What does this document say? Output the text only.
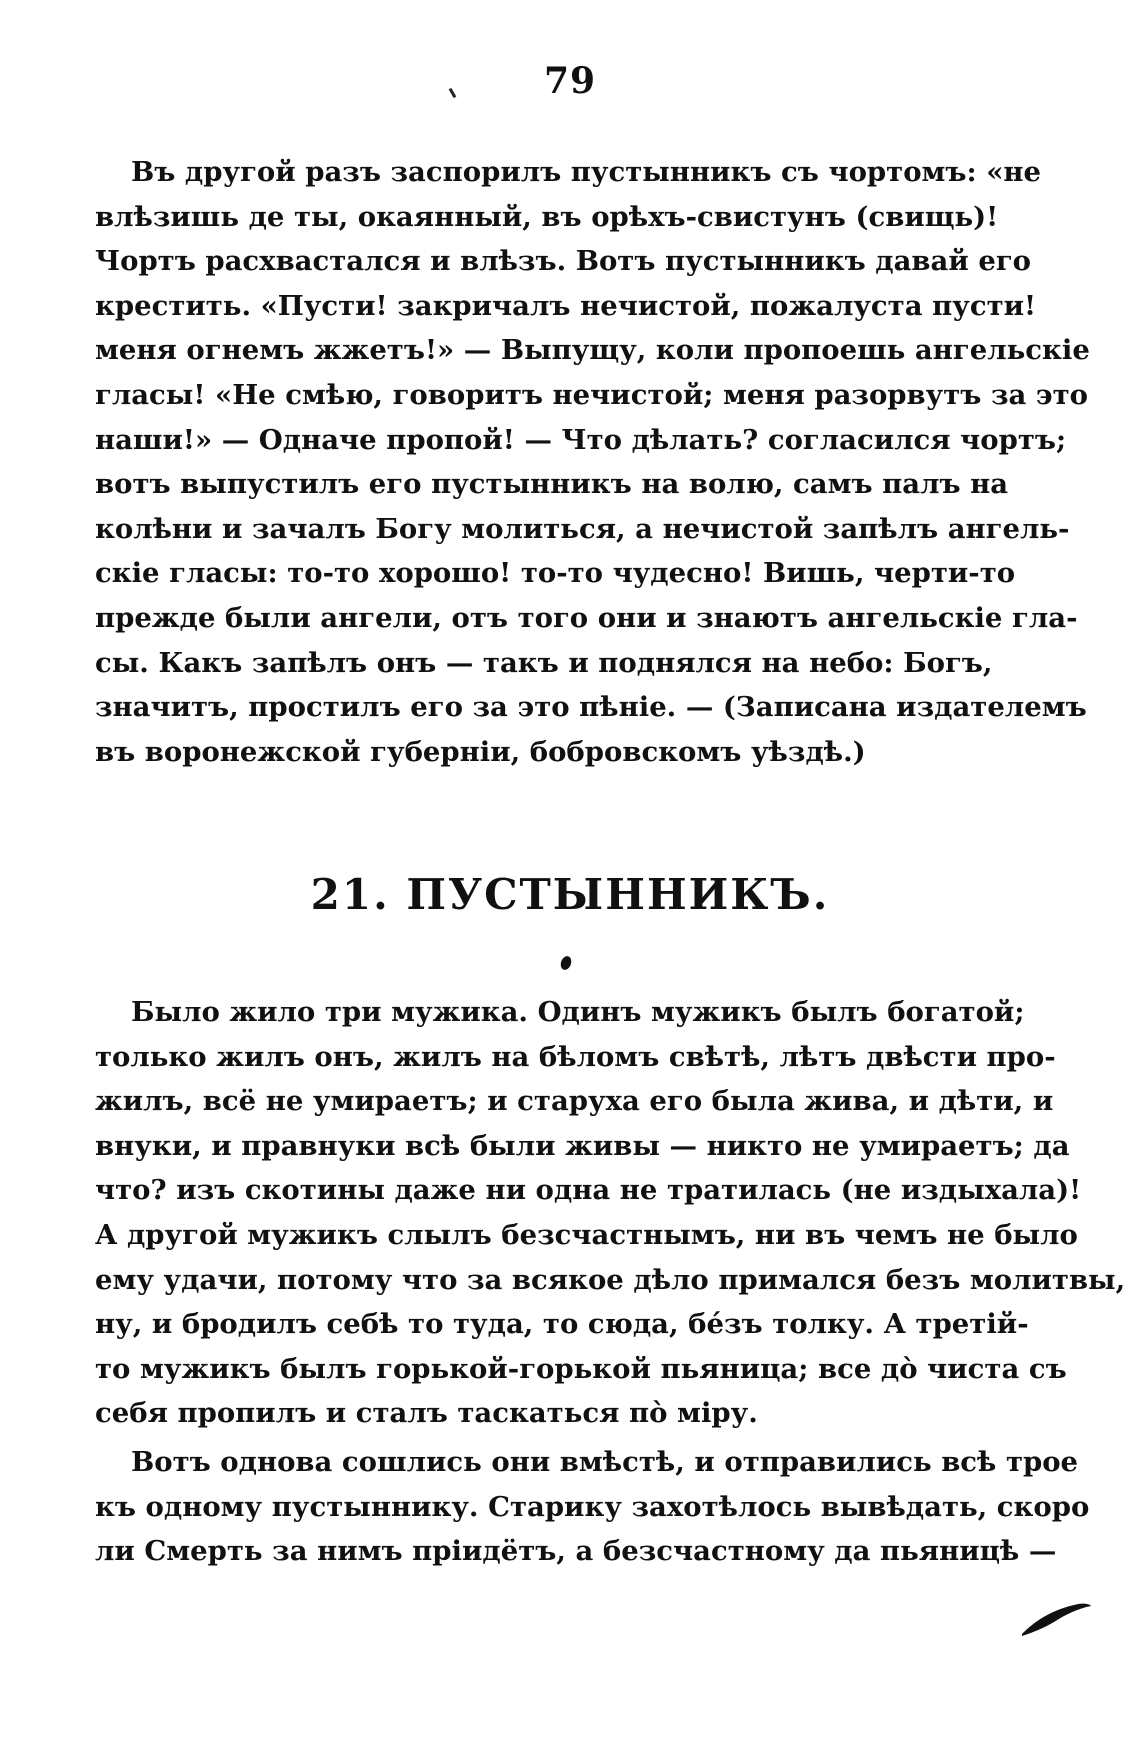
79
Въ другой разъ заспорилъ пустынникъ съ чортомъ: «не
влѣзишь де ты, окаянный, въ орѣхъ-свистунъ (свищь)!
Чортъ расхвастался и влѣзъ. Вотъ пустынникъ давай его
крестить. «Пусти! закричалъ нечистой, пожалуста пусти!
меня огнемъ жжетъ!» — Выпущу, коли пропоешь ангельскіе
гласы! «Не смѣю, говоритъ нечистой; меня разорвутъ за это
наши!» — Одначе пропой! — Что дѣлать? согласился чортъ;
вотъ выпустилъ его пустынникъ на волю, самъ палъ на
колѣни и зачалъ Богу молиться, а нечистой запѣлъ ангель-
скіе гласы: то-то хорошо! то-то чудесно! Вишь, черти-то
прежде были ангели, отъ того они и знаютъ ангельскіе гла-
сы. Какъ запѣлъ онъ — такъ и поднялся на небо: Богъ,
значитъ, простилъ его за это пѣніе. — (Записана издателемъ
въ воронежской губерніи, бобровскомъ уѣздѣ.)
21. ПУСТЫННИКЪ.
Было жило три мужика. Одинъ мужикъ былъ богатой;
только жилъ онъ, жилъ на бѣломъ свѣтѣ, лѣтъ двѣсти про-
жилъ, всё не умираетъ; и старуха его была жива, и дѣти, и
внуки, и правнуки всѣ были живы — никто не умираетъ; да
что? изъ скотины даже ни одна не тратилась (не издыхала)!
А другой мужикъ слылъ безсчастнымъ, ни въ чемъ не было
ему удачи, потому что за всякое дѣло примался безъ молитвы,
ну, и бродилъ себѣ то туда, то сюда, бéзъ толку. А третій-
то мужикъ былъ горькой-горькой пьяница; все дò чиста съ
себя пропилъ и сталъ таскаться пò міру.
Вотъ однова сошлись они вмѣстѣ, и отправились всѣ трое
къ одному пустыннику. Старику захотѣлось вывѣдать, скоро
ли Смерть за нимъ пріидётъ, а безсчастному да пьяницѣ —
